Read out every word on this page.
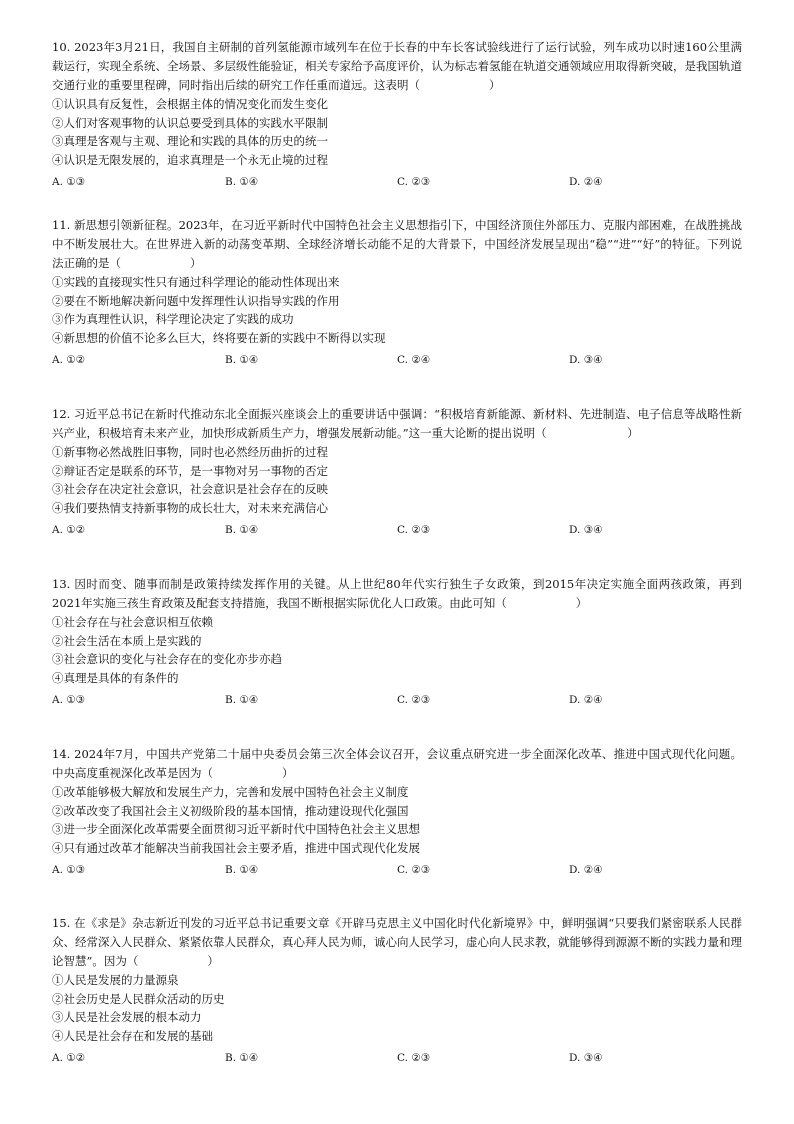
10. 2023年3月21日，我国自主研制的首列氢能源市域列车在位于长春的中车长客试验线进行了运行试验，列车成功以时速160公里满载运行，实现全系统、全场景、多层级性能验证，相关专家给予高度评价，认为标志着氢能在轨道交通领域应用取得新突破，是我国轨道交通行业的重要里程碑，同时指出后续的研究工作任重而道远。这表明（　　　　　　）

①认识具有反复性，会根据主体的情况变化而发生变化
②人们对客观事物的认识总要受到具体的实践水平限制
③真理是客观与主观、理论和实践的具体的历史的统一
④认识是无限发展的，追求真理是一个永无止境的过程
A. ①③	B. ①④	C. ②③	D. ②④

11. 新思想引领新征程。2023年，在习近平新时代中国特色社会主义思想指引下，中国经济顶住外部压力、克服内部困难，在战胜挑战中不断发展壮大。在世界进入新的动荡变革期、全球经济增长动能不足的大背景下，中国经济发展呈现出“稳”“进”“好”的特征。下列说法正确的是（　　　　　　）

①实践的直接现实性只有通过科学理论的能动性体现出来
②要在不断地解决新问题中发挥理性认识指导实践的作用
③作为真理性认识，科学理论决定了实践的成功
④新思想的价值不论多么巨大，终将要在新的实践中不断得以实现
A. ①②	B. ①④	C. ②④	D. ③④

12. 习近平总书记在新时代推动东北全面振兴座谈会上的重要讲话中强调：“积极培育新能源、新材料、先进制造、电子信息等战略性新兴产业，积极培育未来产业，加快形成新质生产力，增强发展新动能。”这一重大论断的提出说明（　　　　　　　）

①新事物必然战胜旧事物，同时也必然经历曲折的过程
②辩证否定是联系的环节，是一事物对另一事物的否定
③社会存在决定社会意识，社会意识是社会存在的反映
④我们要热情支持新事物的成长壮大，对未来充满信心
A. ①②	B. ①④	C. ②③	D. ③④

13. 因时而变、随事而制是政策持续发挥作用的关键。从上世纪80年代实行独生子女政策，到2015年决定实施全面两孩政策，再到2021年实施三孩生育政策及配套支持措施，我国不断根据实际优化人口政策。由此可知（　　　　　　）

①社会存在与社会意识相互依赖
②社会生活在本质上是实践的
③社会意识的变化与社会存在的变化亦步亦趋
④真理是具体的有条件的
A. ①③	B. ①④	C. ②③	D. ②④

14. 2024年7月，中国共产党第二十届中央委员会第三次全体会议召开，会议重点研究进一步全面深化改革、推进中国式现代化问题。中央高度重视深化改革是因为（　　　　　　）

①改革能够极大解放和发展生产力，完善和发展中国特色社会主义制度
②改革改变了我国社会主义初级阶段的基本国情，推动建设现代化强国
③进一步全面深化改革需要全面贯彻习近平新时代中国特色社会主义思想
④只有通过改革才能解决当前我国社会主要矛盾，推进中国式现代化发展
A. ①③	B. ①④	C. ②③	D. ②④

15. 在《求是》杂志新近刊发的习近平总书记重要文章《开辟马克思主义中国化时代化新境界》中，鲜明强调“只要我们紧密联系人民群众、经常深入人民群众、紧紧依靠人民群众，真心拜人民为师，诚心向人民学习，虚心向人民求教，就能够得到源源不断的实践力量和理论智慧”。因为（　　　　　　）

①人民是发展的力量源泉
②社会历史是人民群众活动的历史
③人民是社会发展的根本动力
④人民是社会存在和发展的基础
A. ①②	B. ①④	C. ②③	D. ③④
